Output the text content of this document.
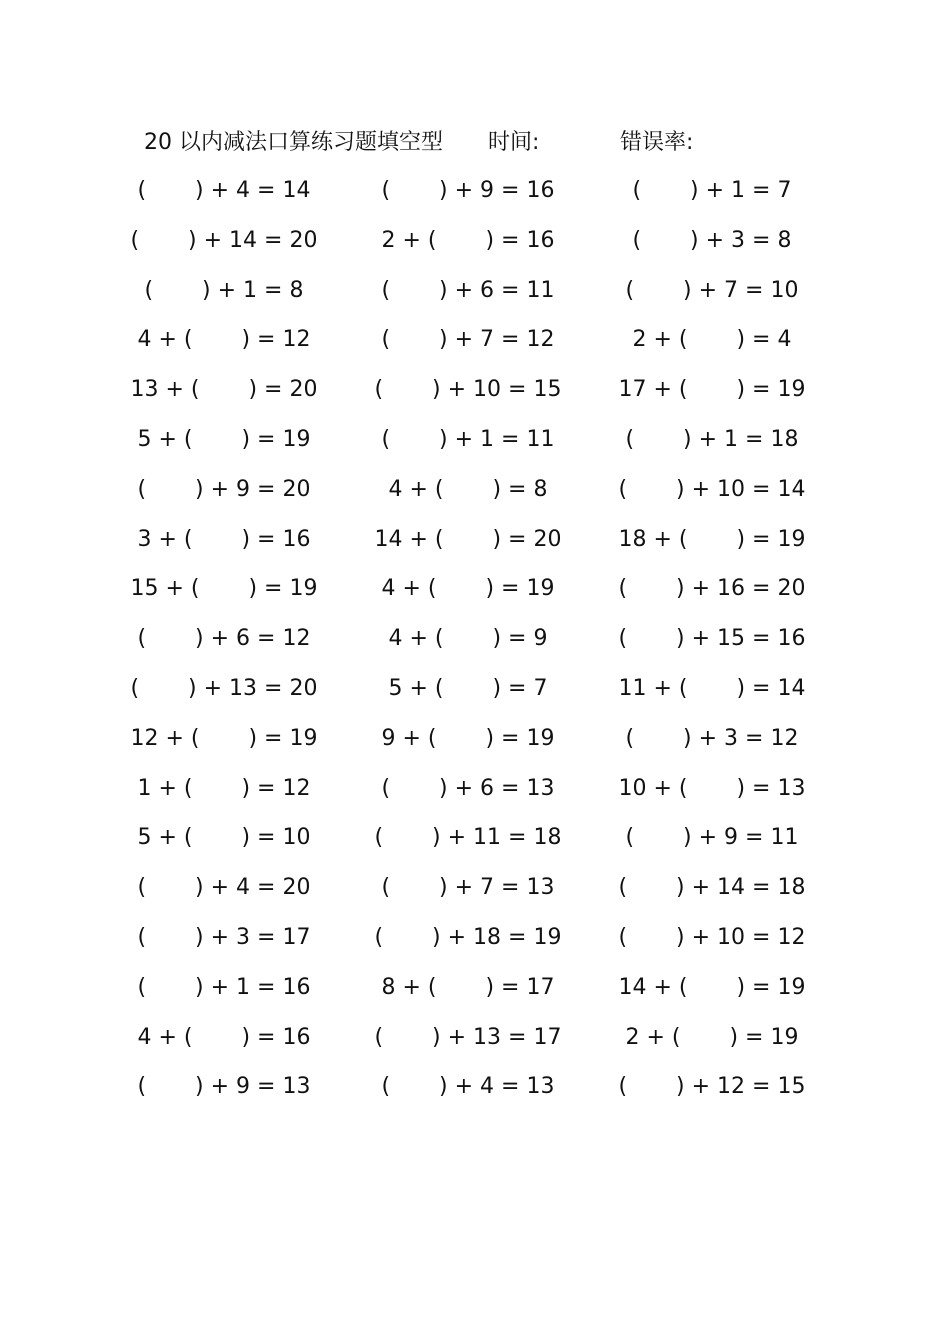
20 以内减法口算练习题填空型 时间:	错误率:
(       ) + 4 = 14	(       ) + 9 = 16	(       ) + 1 = 7
(       ) + 14 = 20	2 + (       ) = 16	(       ) + 3 = 8
(       ) + 1 = 8	(       ) + 6 = 11	(       ) + 7 = 10
4 + (       ) = 12	(       ) + 7 = 12	2 + (       ) = 4
13 + (       ) = 20	(       ) + 10 = 15	17 + (       ) = 19
5 + (       ) = 19	(       ) + 1 = 11	(       ) + 1 = 18
(       ) + 9 = 20	4 + (       ) = 8	(       ) + 10 = 14
3 + (       ) = 16	14 + (       ) = 20	18 + (       ) = 19
15 + (       ) = 19	4 + (       ) = 19	(       ) + 16 = 20
(       ) + 6 = 12	4 + (       ) = 9	(       ) + 15 = 16
(       ) + 13 = 20	5 + (       ) = 7	11 + (       ) = 14
12 + (       ) = 19	9 + (       ) = 19	(       ) + 3 = 12
1 + (       ) = 12	(       ) + 6 = 13	10 + (       ) = 13
5 + (       ) = 10	(       ) + 11 = 18	(       ) + 9 = 11
(       ) + 4 = 20	(       ) + 7 = 13	(       ) + 14 = 18
(       ) + 3 = 17	(       ) + 18 = 19	(       ) + 10 = 12
(       ) + 1 = 16	8 + (       ) = 17	14 + (       ) = 19
4 + (       ) = 16	(       ) + 13 = 17	2 + (       ) = 19
(       ) + 9 = 13	(       ) + 4 = 13	(       ) + 12 = 15
